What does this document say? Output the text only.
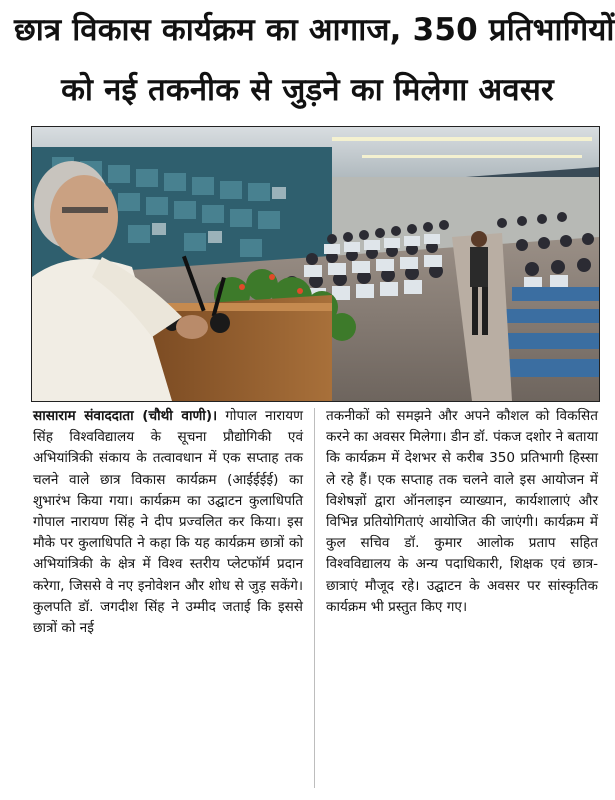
छात्र विकास कार्यक्रम का आगाज, 350 प्रतिभागियों
को नई तकनीक से जुड़ने का मिलेगा अवसर
सासाराम संवाददाता (चौथी वाणी)। गोपाल नारायण सिंह विश्वविद्यालय के सूचना प्रौद्योगिकी एवं अभियांत्रिकी संकाय के तत्वावधान में एक सप्ताह तक चलने वाले छात्र विकास कार्यक्रम (आईईईई) का शुभारंभ किया गया। कार्यक्रम का उद्घाटन कुलाधिपति गोपाल नारायण सिंह ने दीप प्रज्वलित कर किया। इस मौके पर कुलाधिपति ने कहा कि यह कार्यक्रम छात्रों को अभियांत्रिकी के क्षेत्र में विश्व स्तरीय प्लेटफॉर्म प्रदान करेगा, जिससे वे नए इनोवेशन और शोध से जुड़ सकेंगे। कुलपति डॉ. जगदीश सिंह ने उम्मीद जताई कि इससे छात्रों को नई
तकनीकों को समझने और अपने कौशल को विकसित करने का अवसर मिलेगा। डीन डॉ. पंकज दशोर ने बताया कि कार्यक्रम में देशभर से करीब 350 प्रतिभागी हिस्सा ले रहे हैं। एक सप्ताह तक चलने वाले इस आयोजन में विशेषज्ञों द्वारा ऑनलाइन व्याख्यान, कार्यशालाएं और विभिन्न प्रतियोगिताएं आयोजित की जाएंगी। कार्यक्रम में कुल सचिव डॉ. कुमार आलोक प्रताप सहित विश्वविद्यालय के अन्य पदाधिकारी, शिक्षक एवं छात्र-छात्राएं मौजूद रहे। उद्घाटन के अवसर पर सांस्कृतिक कार्यक्रम भी प्रस्तुत किए गए।
